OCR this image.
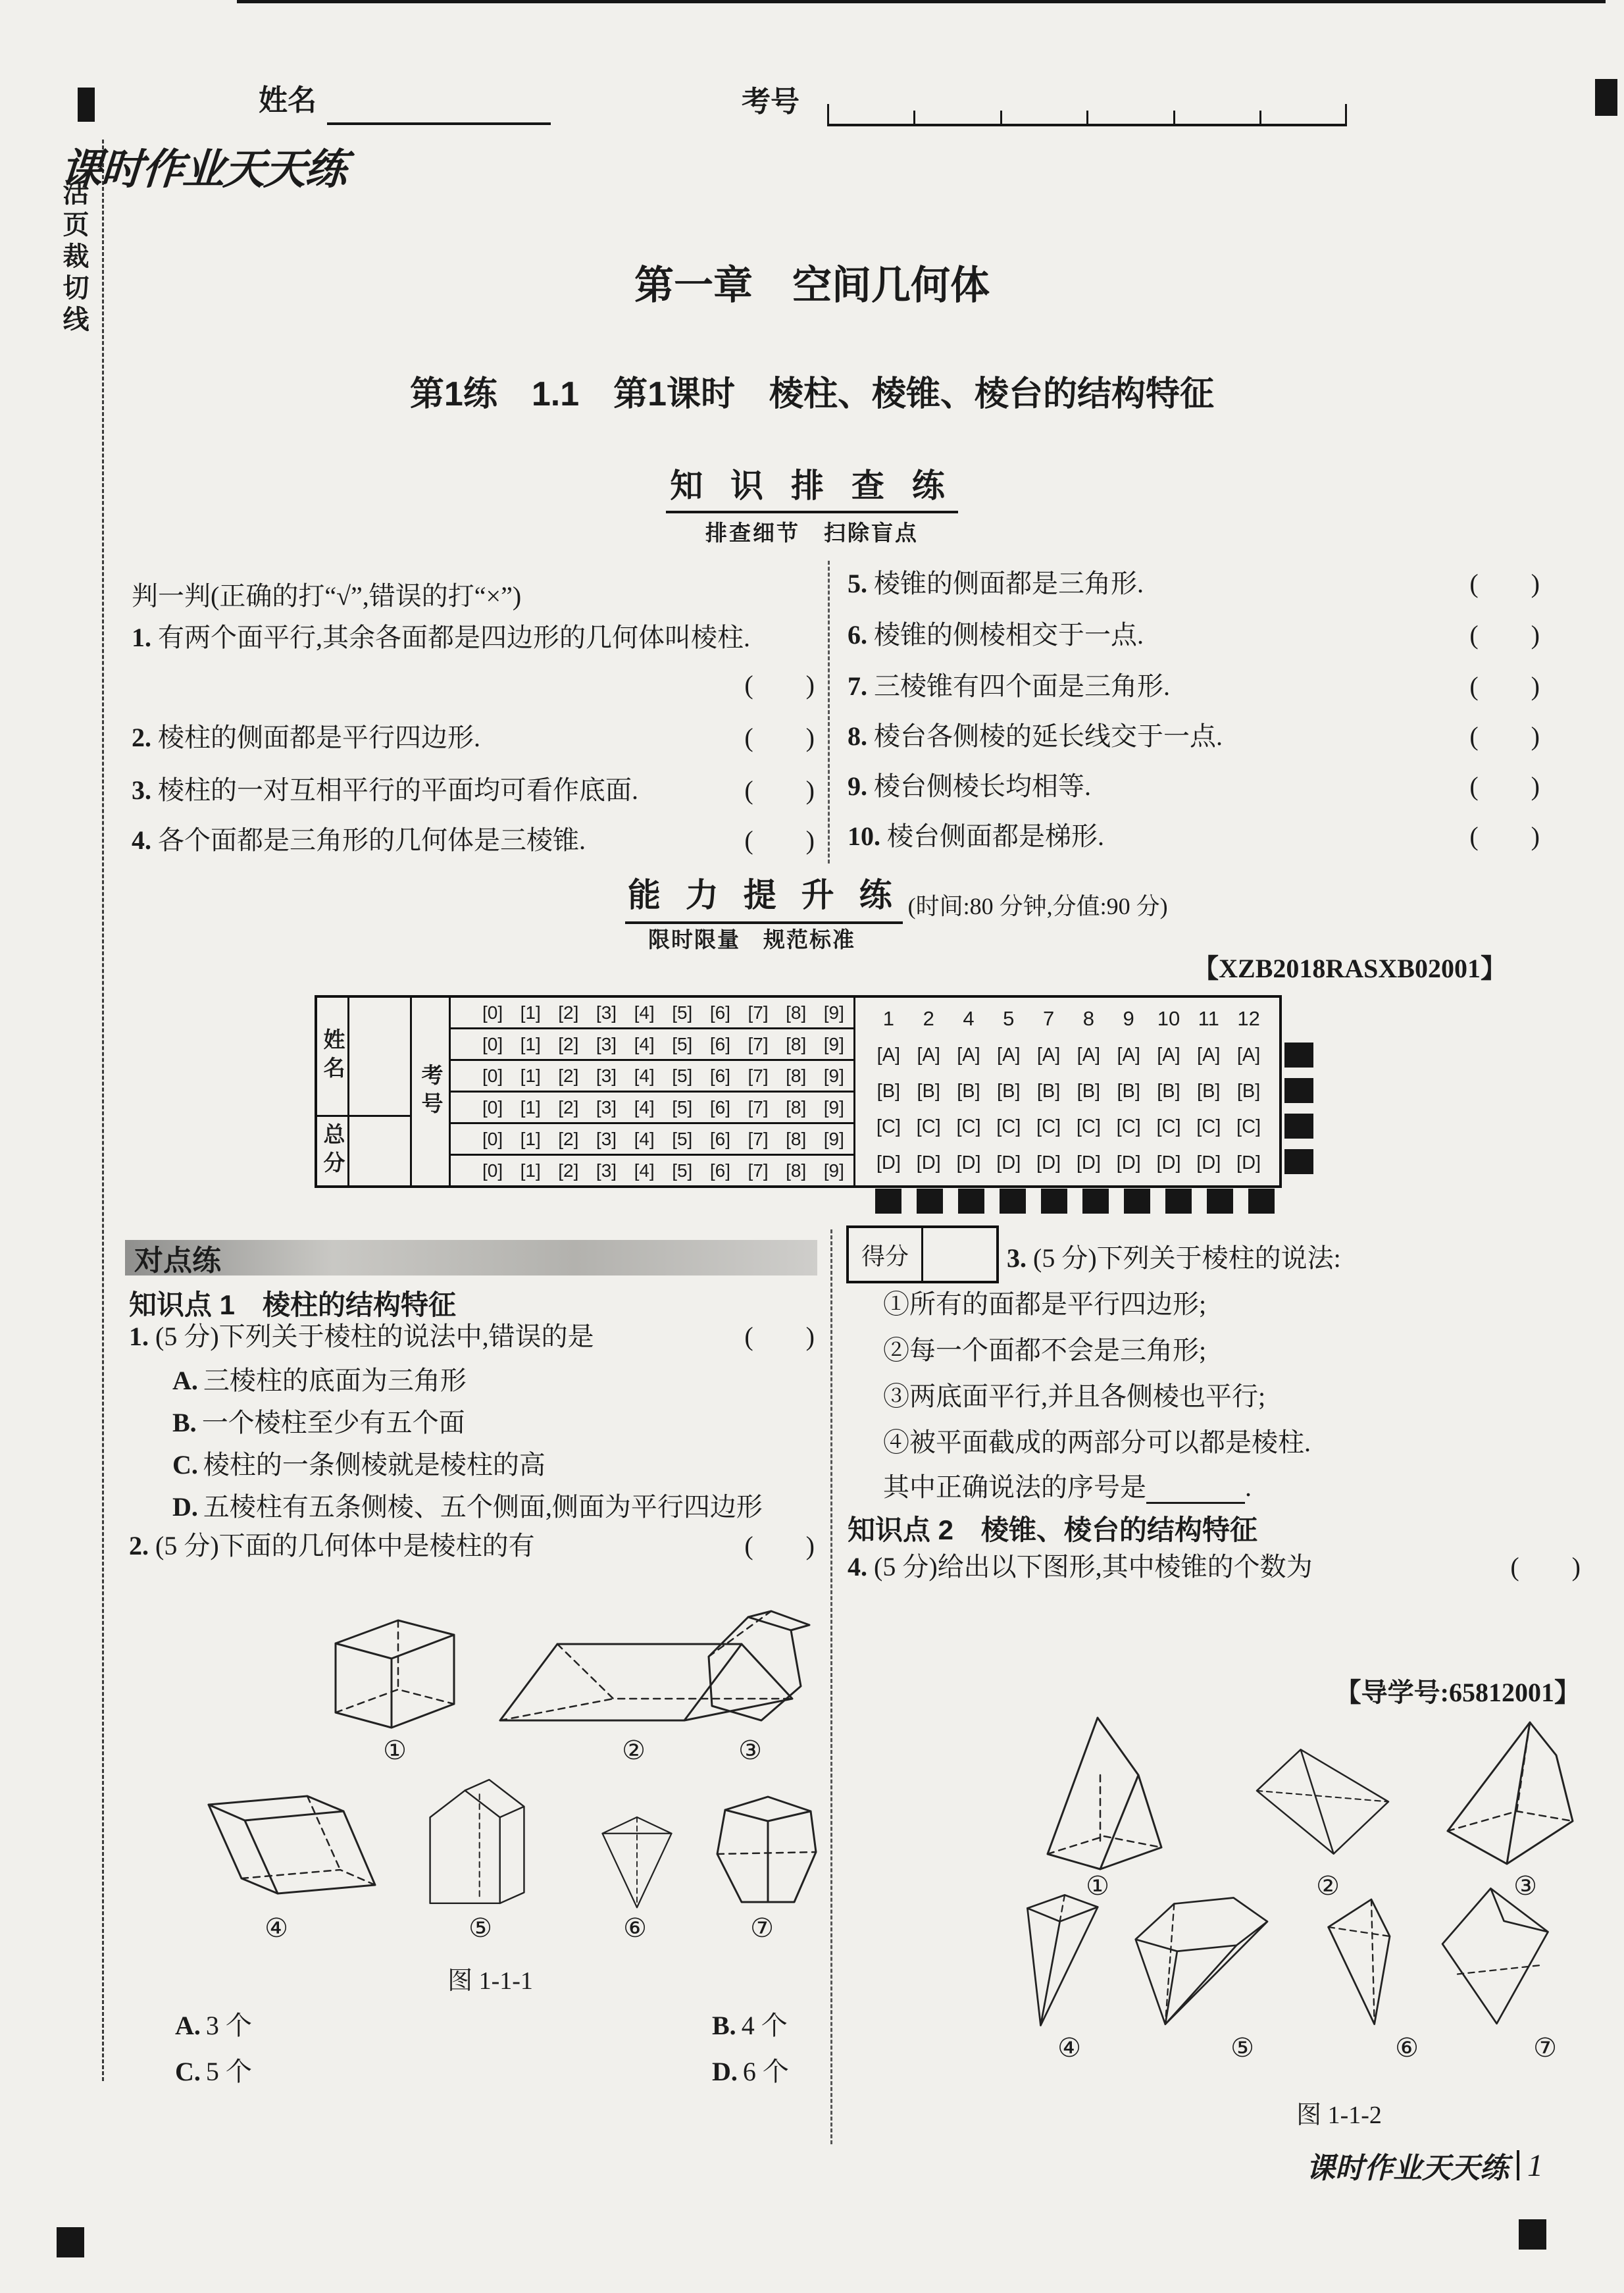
姓名	考号
活页裁切线
课时作业天天练
第一章　空间几何体
第1练　1.1　第1课时　棱柱、棱锥、棱台的结构特征
知 识 排 查 练
排查细节　扫除盲点
判一判(正确的打“√”,错误的打“×”)
1. 有两个面平行,其余各面都是四边形的几何体叫棱柱.
(　　)
2. 棱柱的侧面都是平行四边形.	(　　)
3. 棱柱的一对互相平行的平面均可看作底面.	(　　)
4. 各个面都是三角形的几何体是三棱锥.	(　　)
5. 棱锥的侧面都是三角形.	(　　)
6. 棱锥的侧棱相交于一点.	(　　)
7. 三棱锥有四个面是三角形.	(　　)
8. 棱台各侧棱的延长线交于一点.	(　　)
9. 棱台侧棱长均相等.	(　　)
10. 棱台侧面都是梯形.	(　　)
能 力 提 升 练 (时间:80 分钟,分值:90 分)
限时限量　规范标准
【XZB2018RASXB02001】
姓名
总分
考号
[0] [1] [2] [3] [4] [5] [6] [7] [8] [9]
[0] [1] [2] [3] [4] [5] [6] [7] [8] [9]
[0] [1] [2] [3] [4] [5] [6] [7] [8] [9]
[0] [1] [2] [3] [4] [5] [6] [7] [8] [9]
[0] [1] [2] [3] [4] [5] [6] [7] [8] [9]
[0] [1] [2] [3] [4] [5] [6] [7] [8] [9]
1	2	4	5	7	8	9	10 11 12
[A] [A] [A] [A] [A] [A] [A] [A] [A] [A]
[B] [B] [B] [B] [B] [B] [B] [B] [B] [B]
[C] [C] [C] [C] [C] [C] [C] [C] [C] [C]
[D] [D] [D] [D] [D] [D] [D] [D] [D] [D]
对点练
知识点 1　棱柱的结构特征
1. (5 分)下列关于棱柱的说法中,错误的是	(　　)
A. 三棱柱的底面为三角形
B. 一个棱柱至少有五个面
C. 棱柱的一条侧棱就是棱柱的高
D. 五棱柱有五条侧棱、五个侧面,侧面为平行四边形
2. (5 分)下面的几何体中是棱柱的有	(　　)
①	②	③
④	⑤	⑥	⑦
图 1-1-1
A. 3 个	B. 4 个
C. 5 个	D. 6 个
得分	3. (5 分)下列关于棱柱的说法:
①所有的面都是平行四边形;
②每一个面都不会是三角形;
③两底面平行,并且各侧棱也平行;
④被平面截成的两部分可以都是棱柱.
其中正确说法的序号是	.
知识点 2　棱锥、棱台的结构特征
4. (5 分)给出以下图形,其中棱锥的个数为	(　　)
【导学号:65812001】
①	②	③
④	⑤	⑥	⑦
图 1-1-2
课时作业天天练 1
